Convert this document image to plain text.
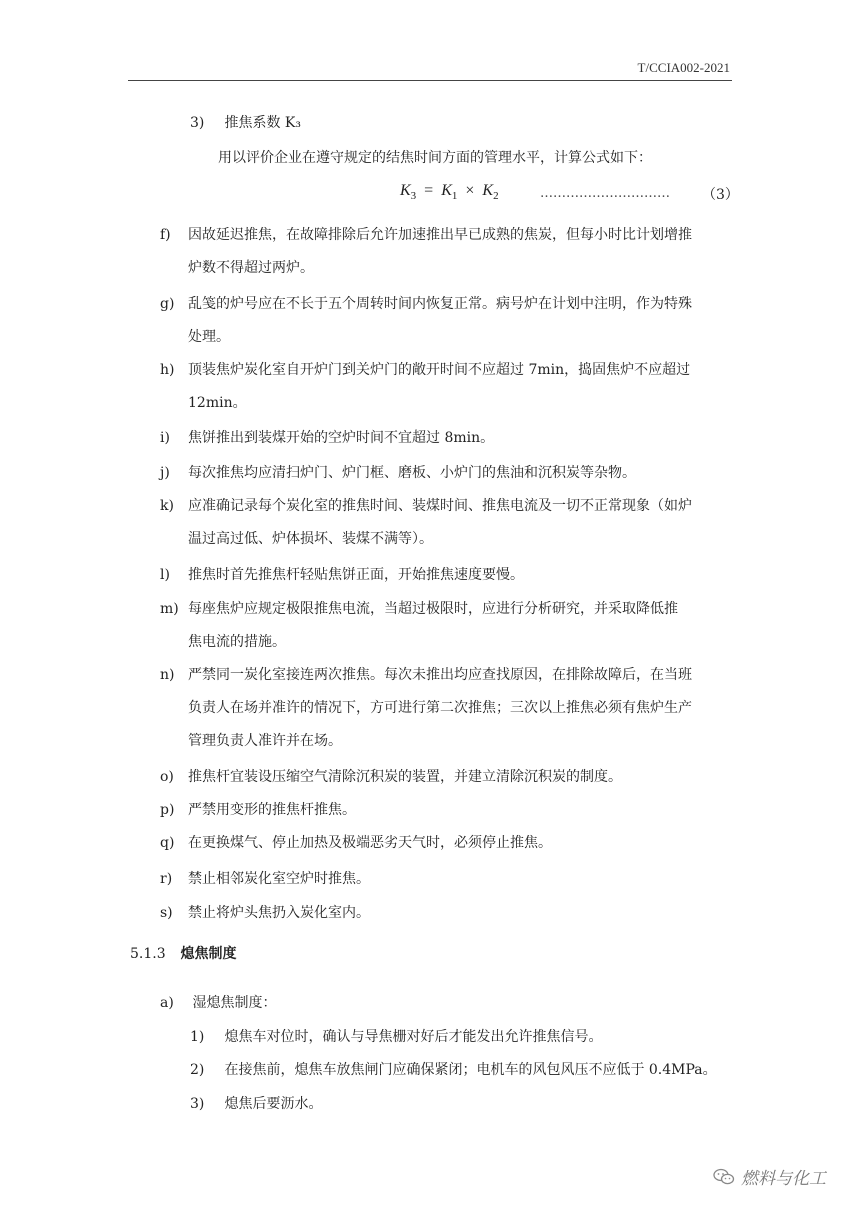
T/CCIA002-2021
3) 推焦系数 K₃
用以评价企业在遵守规定的结焦时间方面的管理水平，计算公式如下：
$K_3 = K_1 \times K_2$	………………………… （3）
f) 因故延迟推焦，在故障排除后允许加速推出早已成熟的焦炭，但每小时比计划增推
炉数不得超过两炉。
g) 乱笺的炉号应在不长于五个周转时间内恢复正常。病号炉在计划中注明，作为特殊
处理。
h) 顶装焦炉炭化室自开炉门到关炉门的敞开时间不应超过 7min，捣固焦炉不应超过
12min。
i) 焦饼推出到装煤开始的空炉时间不宜超过 8min。
j) 每次推焦均应清扫炉门、炉门框、磨板、小炉门的焦油和沉积炭等杂物。
k) 应准确记录每个炭化室的推焦时间、装煤时间、推焦电流及一切不正常现象（如炉
温过高过低、炉体损坏、装煤不满等）。
l) 推焦时首先推焦杆轻贴焦饼正面，开始推焦速度要慢。
m) 每座焦炉应规定极限推焦电流，当超过极限时，应进行分析研究，并采取降低推
焦电流的措施。
n) 严禁同一炭化室接连两次推焦。每次未推出均应查找原因，在排除故障后，在当班
负责人在场并准许的情况下，方可进行第二次推焦；三次以上推焦必须有焦炉生产
管理负责人准许并在场。
o) 推焦杆宜装设压缩空气清除沉积炭的装置，并建立清除沉积炭的制度。
p) 严禁用变形的推焦杆推焦。
q) 在更换煤气、停止加热及极端恶劣天气时，必须停止推焦。
r) 禁止相邻炭化室空炉时推焦。
s) 禁止将炉头焦扔入炭化室内。
5.1.3 熄焦制度
a) 湿熄焦制度：
1) 熄焦车对位时，确认与导焦栅对好后才能发出允许推焦信号。
2) 在接焦前，熄焦车放焦闸门应确保紧闭；电机车的风包风压不应低于 0.4MPa。
3) 熄焦后要沥水。
燃料与化工
